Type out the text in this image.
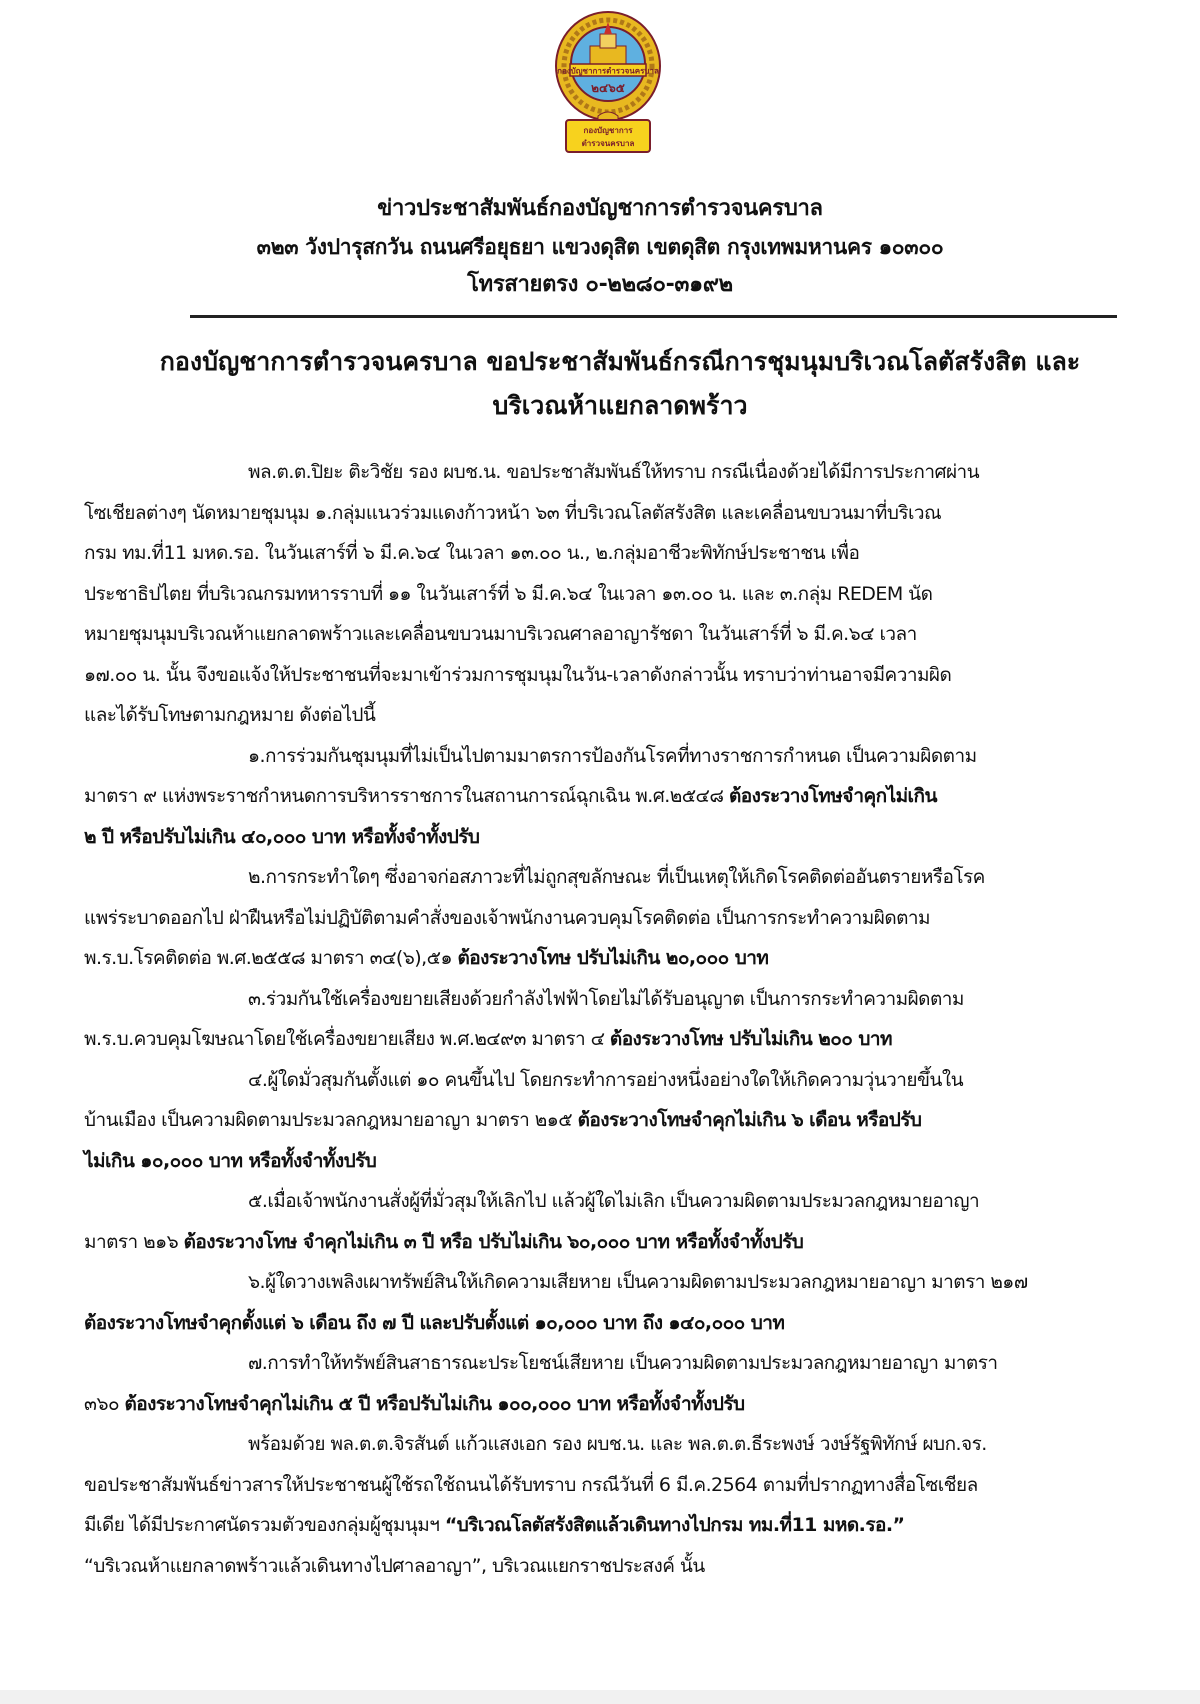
กองบัญชาการตำรวจนครบาล
๒๔๖๕
กองบัญชาการ
ตำรวจนครบาล
ข่าวประชาสัมพันธ์กองบัญชาการตำรวจนครบาล
๓๒๓ วังปารุสกวัน ถนนศรีอยุธยา แขวงดุสิต เขตดุสิต กรุงเทพมหานคร ๑๐๓๐๐
โทรสายตรง ๐-๒๒๘๐-๓๑๙๒
กองบัญชาการตำรวจนครบาล ขอประชาสัมพันธ์กรณีการชุมนุมบริเวณโลตัสรังสิต และ
บริเวณห้าแยกลาดพร้าว
พล.ต.ต.ปิยะ ติะวิชัย รอง ผบช.น. ขอประชาสัมพันธ์ให้ทราบ กรณีเนื่องด้วยได้มีการประกาศผ่าน
โซเชียลต่างๆ นัดหมายชุมนุม ๑.กลุ่มแนวร่วมแดงก้าวหน้า ๖๓ ที่บริเวณโลตัสรังสิต และเคลื่อนขบวนมาที่บริเวณ
กรม ทม.ที่11 มหด.รอ. ในวันเสาร์ที่ ๖ มี.ค.๖๔ ในเวลา ๑๓.๐๐ น., ๒.กลุ่มอาชีวะพิทักษ์ประชาชน เพื่อ
ประชาธิปไตย ที่บริเวณกรมทหารราบที่ ๑๑ ในวันเสาร์ที่ ๖ มี.ค.๖๔ ในเวลา ๑๓.๐๐ น. และ ๓.กลุ่ม REDEM นัด
หมายชุมนุมบริเวณห้าแยกลาดพร้าวและเคลื่อนขบวนมาบริเวณศาลอาญารัชดา ในวันเสาร์ที่ ๖ มี.ค.๖๔ เวลา
๑๗.๐๐ น. นั้น จึงขอแจ้งให้ประชาชนที่จะมาเข้าร่วมการชุมนุมในวัน-เวลาดังกล่าวนั้น ทราบว่าท่านอาจมีความผิด
และได้รับโทษตามกฎหมาย ดังต่อไปนี้
๑.การร่วมกันชุมนุมที่ไม่เป็นไปตามมาตรการป้องกันโรคที่ทางราชการกำหนด เป็นความผิดตาม
มาตรา ๙ แห่งพระราชกำหนดการบริหารราชการในสถานการณ์ฉุกเฉิน พ.ศ.๒๕๔๘ ต้องระวางโทษจำคุกไม่เกิน
๒ ปี หรือปรับไม่เกิน ๔๐,๐๐๐ บาท หรือทั้งจำทั้งปรับ
๒.การกระทำใดๆ ซึ่งอาจก่อสภาวะที่ไม่ถูกสุขลักษณะ ที่เป็นเหตุให้เกิดโรคติดต่ออันตรายหรือโรค
แพร่ระบาดออกไป ฝ่าฝืนหรือไม่ปฏิบัติตามคำสั่งของเจ้าพนักงานควบคุมโรคติดต่อ เป็นการกระทำความผิดตาม
พ.ร.บ.โรคติดต่อ พ.ศ.๒๕๕๘ มาตรา ๓๔(๖),๕๑ ต้องระวางโทษ ปรับไม่เกิน ๒๐,๐๐๐ บาท
๓.ร่วมกันใช้เครื่องขยายเสียงด้วยกำลังไฟฟ้าโดยไม่ได้รับอนุญาต เป็นการกระทำความผิดตาม
พ.ร.บ.ควบคุมโฆษณาโดยใช้เครื่องขยายเสียง พ.ศ.๒๔๙๓ มาตรา ๔ ต้องระวางโทษ ปรับไม่เกิน ๒๐๐ บาท
๔.ผู้ใดมั่วสุมกันตั้งแต่ ๑๐ คนขึ้นไป โดยกระทำการอย่างหนึ่งอย่างใดให้เกิดความวุ่นวายขึ้นใน
บ้านเมือง เป็นความผิดตามประมวลกฎหมายอาญา มาตรา ๒๑๕ ต้องระวางโทษจำคุกไม่เกิน ๖ เดือน หรือปรับ
ไม่เกิน ๑๐,๐๐๐ บาท หรือทั้งจำทั้งปรับ
๕.เมื่อเจ้าพนักงานสั่งผู้ที่มั่วสุมให้เลิกไป แล้วผู้ใดไม่เลิก เป็นความผิดตามประมวลกฎหมายอาญา
มาตรา ๒๑๖ ต้องระวางโทษ จำคุกไม่เกิน ๓ ปี หรือ ปรับไม่เกิน ๖๐,๐๐๐ บาท หรือทั้งจำทั้งปรับ
๖.ผู้ใดวางเพลิงเผาทรัพย์สินให้เกิดความเสียหาย เป็นความผิดตามประมวลกฎหมายอาญา มาตรา ๒๑๗
ต้องระวางโทษจำคุกตั้งแต่ ๖ เดือน ถึง ๗ ปี และปรับตั้งแต่ ๑๐,๐๐๐ บาท ถึง ๑๔๐,๐๐๐ บาท
๗.การทำให้ทรัพย์สินสาธารณะประโยชน์เสียหาย เป็นความผิดตามประมวลกฎหมายอาญา มาตรา
๓๖๐ ต้องระวางโทษจำคุกไม่เกิน ๕ ปี หรือปรับไม่เกิน ๑๐๐,๐๐๐ บาท หรือทั้งจำทั้งปรับ
พร้อมด้วย พล.ต.ต.จิรสันต์ แก้วแสงเอก รอง ผบช.น. และ พล.ต.ต.ธีระพงษ์ วงษ์รัฐพิทักษ์ ผบก.จร.
ขอประชาสัมพันธ์ข่าวสารให้ประชาชนผู้ใช้รถใช้ถนนได้รับทราบ กรณีวันที่ 6 มี.ค.2564 ตามที่ปรากฏทางสื่อโซเชียล
มีเดีย ได้มีประกาศนัดรวมตัวของกลุ่มผู้ชุมนุมฯ “บริเวณโลตัสรังสิตแล้วเดินทางไปกรม ทม.ที่11 มหด.รอ.”
“บริเวณห้าแยกลาดพร้าวแล้วเดินทางไปศาลอาญา”, บริเวณแยกราชประสงค์ นั้น
